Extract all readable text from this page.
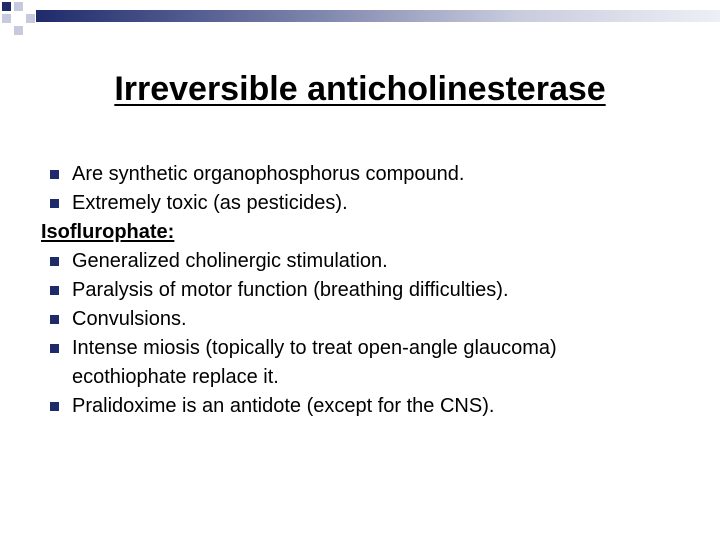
Irreversible anticholinesterase
Are synthetic organophosphorus compound.
Extremely toxic (as pesticides).
Isoflurophate:
Generalized cholinergic stimulation.
Paralysis of motor function (breathing difficulties).
Convulsions.
Intense miosis (topically to treat open-angle glaucoma)
ecothiophate replace it.
Pralidoxime is an antidote (except for the CNS).
